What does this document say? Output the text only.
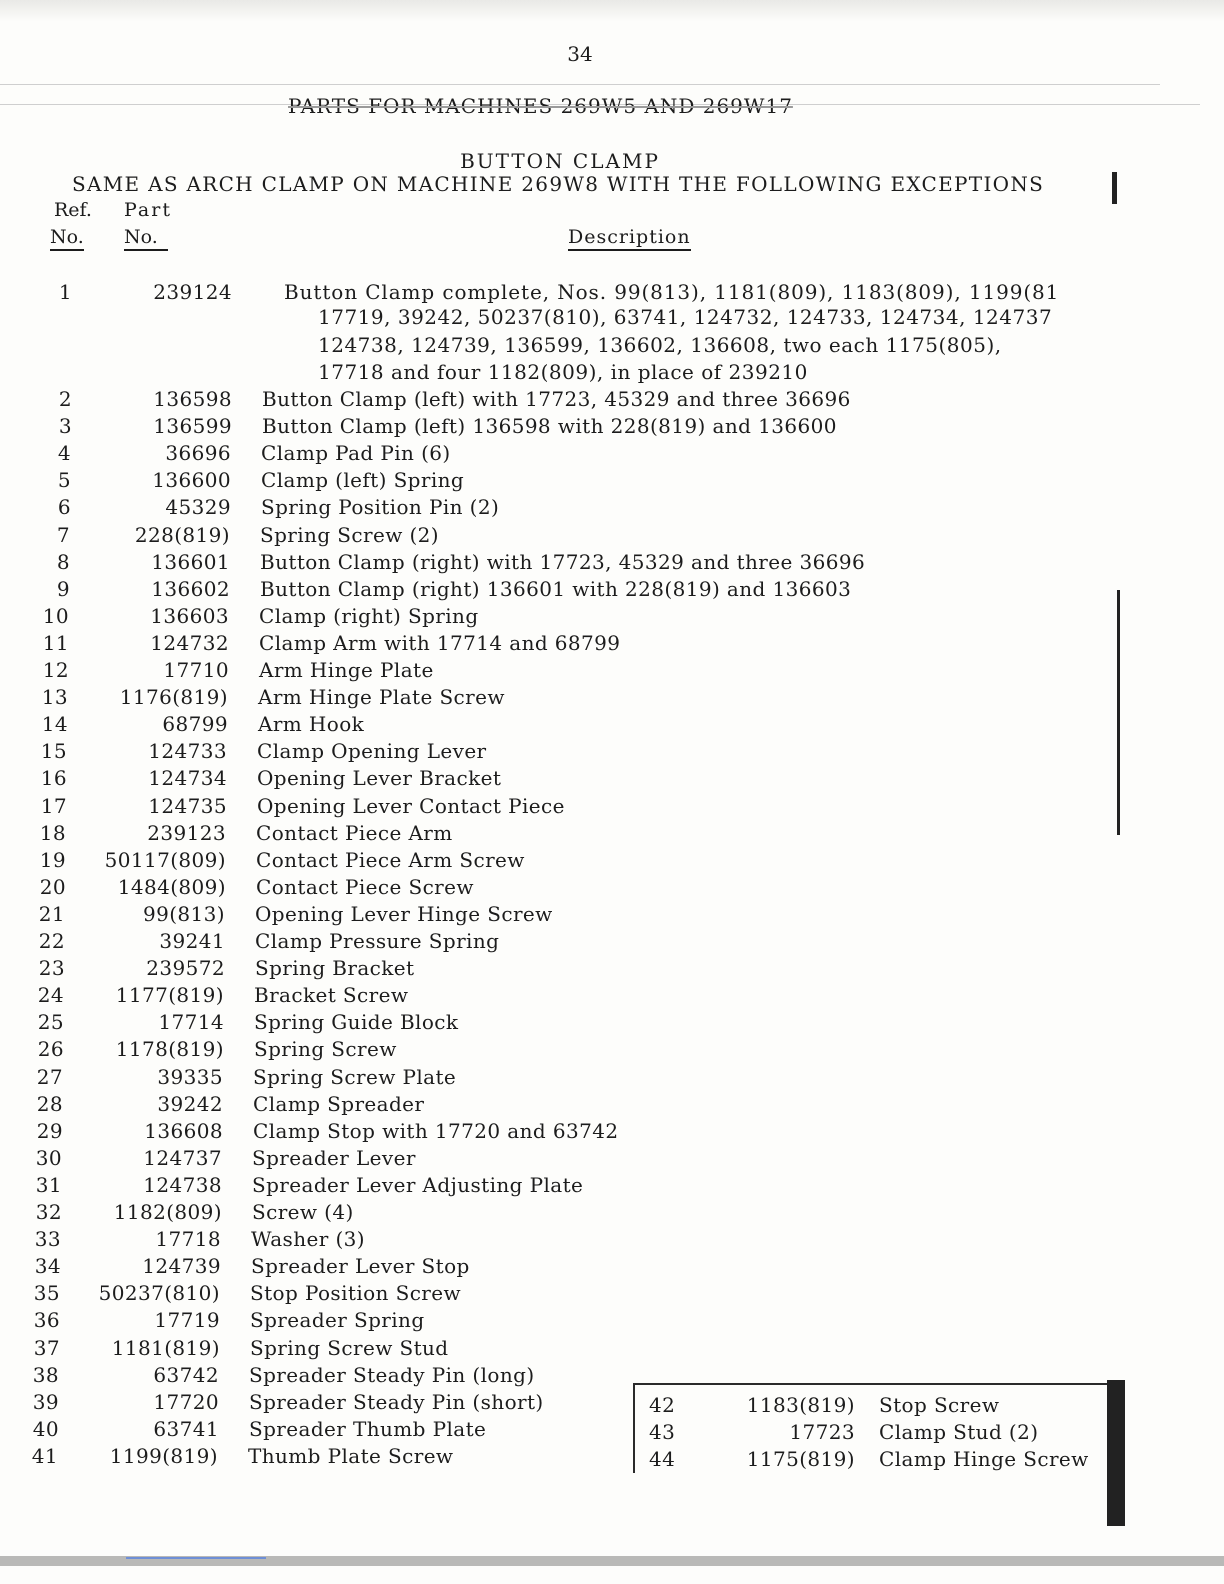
34
PARTS FOR MACHINES 269W5 AND 269W17
BUTTON CLAMP
SAME AS ARCH CLAMP ON MACHINE 269W8 WITH THE FOLLOWING EXCEPTIONS
Ref.
No.
Part
No.	Description
1	239124	Button Clamp complete, Nos. 99(813), 1181(809), 1183(809), 1199(81
17719, 39242, 50237(810), 63741, 124732, 124733, 124734, 124737
124738, 124739, 136599, 136602, 136608, two each 1175(805),
17718 and four 1182(809), in place of 239210
2	136598 Button Clamp (left) with 17723, 45329 and three 36696
3	136599 Button Clamp (left) 136598 with 228(819) and 136600
4	36696 Clamp Pad Pin (6)
5	136600 Clamp (left) Spring
6	45329 Spring Position Pin (2)
7	228(819) Spring Screw (2)
8	136601 Button Clamp (right) with 17723, 45329 and three 36696
9	136602 Button Clamp (right) 136601 with 228(819) and 136603
10	136603 Clamp (right) Spring
11	124732 Clamp Arm with 17714 and 68799
12	17710 Arm Hinge Plate
13	1176(819) Arm Hinge Plate Screw
14	68799 Arm Hook
15	124733 Clamp Opening Lever
16	124734 Opening Lever Bracket
17	124735 Opening Lever Contact Piece
18	239123 Contact Piece Arm
19	50117(809) Contact Piece Arm Screw
20	1484(809) Contact Piece Screw
21	99(813) Opening Lever Hinge Screw
22	39241 Clamp Pressure Spring
23	239572 Spring Bracket
24	1177(819) Bracket Screw
25	17714 Spring Guide Block
26	1178(819) Spring Screw
27	39335 Spring Screw Plate
28	39242 Clamp Spreader
29	136608 Clamp Stop with 17720 and 63742
30	124737 Spreader Lever
31	124738 Spreader Lever Adjusting Plate
32	1182(809) Screw (4)
33	17718 Washer (3)
34	124739 Spreader Lever Stop
35	50237(810) Stop Position Screw
36	17719 Spreader Spring
37	1181(819) Spring Screw Stud
38	63742 Spreader Steady Pin (long)
39	17720 Spreader Steady Pin (short)
40	63741 Spreader Thumb Plate
41	1199(819) Thumb Plate Screw
42	1183(819) Stop Screw
43	17723 Clamp Stud (2)
44	1175(819) Clamp Hinge Screw
